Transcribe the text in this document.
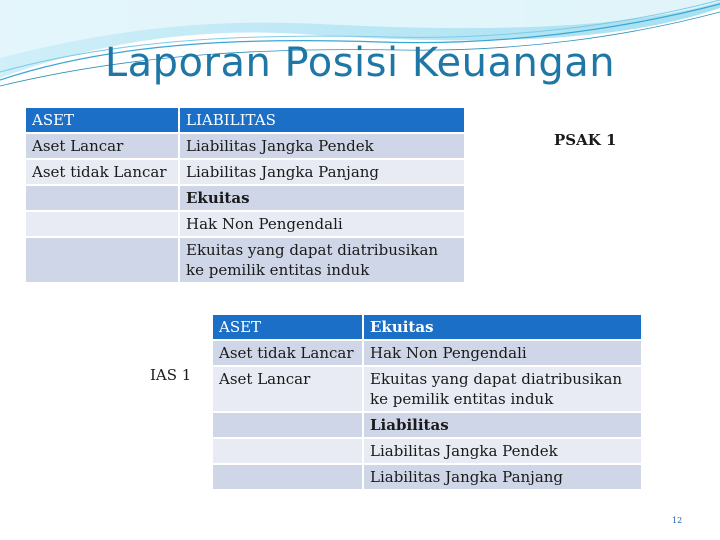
Laporan Posisi Keuangan
ASET	LIABILITAS
Aset Lancar	Liabilitas Jangka Pendek
Aset tidak Lancar	Liabilitas Jangka Panjang
	Ekuitas
	Hak Non Pengendali
	Ekuitas yang dapat diatribusikan ke pemilik entitas induk
PSAK 1
IAS 1
ASET	Ekuitas
Aset tidak Lancar	Hak Non Pengendali
Aset Lancar	Ekuitas yang dapat diatribusikan ke pemilik entitas induk
	Liabilitas
	Liabilitas Jangka Pendek
	Liabilitas Jangka Panjang
12
